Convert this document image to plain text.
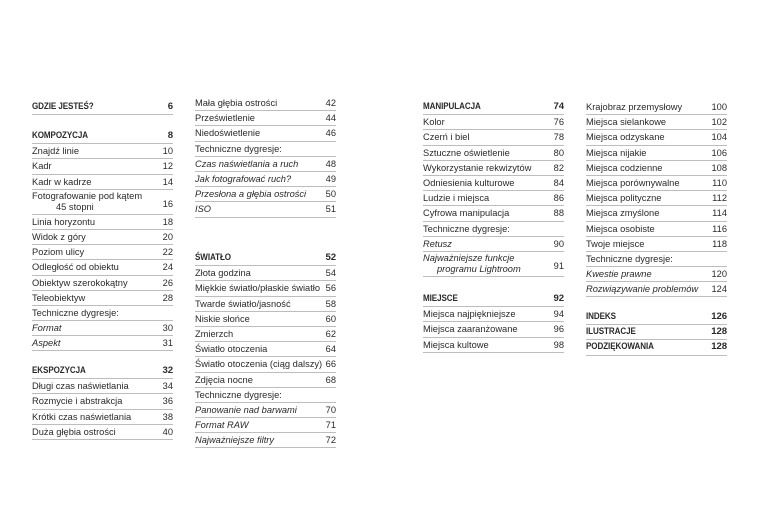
GDZIE JESTEŚ?	6
KOMPOZYCJA	8
Znajdź linie	10
Kadr	12
Kadr w kadrze	14
Fotografowanie pod kątem
45 stopni	16
Linia horyzontu	18
Widok z góry	20
Poziom ulicy	22
Odległość od obiektu	24
Obiektyw szerokokątny	26
Teleobiektyw	28
Techniczne dygresje:
Format	30
Aspekt	31
EKSPOZYCJA	32
Długi czas naświetlania	34
Rozmycie i abstrakcja	36
Krótki czas naświetlania	38
Duża głębia ostrości	40
Mała głębia ostrości	42
Prześwietlenie	44
Niedoświetlenie	46
Techniczne dygresje:
Czas naświetlania a ruch	48
Jak fotografować ruch?	49
Przesłona a głębia ostrości 50
ISO	51
ŚWIATŁO	52
Złota godzina	54
Miękkie światło/płaskie światło 56
Twarde światło/jasność	58
Niskie słońce	60
Zmierzch	62
Światło otoczenia	64
Światło otoczenia (ciąg dalszy) 66
Zdjęcia nocne	68
Techniczne dygresje:
Panowanie nad barwami	70
Format RAW	71
Najważniejsze filtry	72
MANIPULACJA	74
Kolor	76
Czerń i biel	78
Sztuczne oświetlenie	80
Wykorzystanie rekwizytów 82
Odniesienia kulturowe	84
Ludzie i miejsca	86
Cyfrowa manipulacja	88
Techniczne dygresje:
Retusz	90
Najważniejsze funkcje
programu Lightroom	91
MIEJSCE	92
Miejsca najpiękniejsze	94
Miejsca zaaranżowane	96
Miejsca kultowe	98
Krajobraz przemysłowy	100
Miejsca sielankowe	102
Miejsca odzyskane	104
Miejsca nijakie	106
Miejsca codzienne	108
Miejsca porównywalne	110
Miejsca polityczne	112
Miejsca zmyślone	114
Miejsca osobiste	116
Twoje miejsce	118
Techniczne dygresje:
Kwestie prawne	120
Rozwiązywanie problemów 124
INDEKS	126
ILUSTRACJE	128
PODZIĘKOWANIA	128
